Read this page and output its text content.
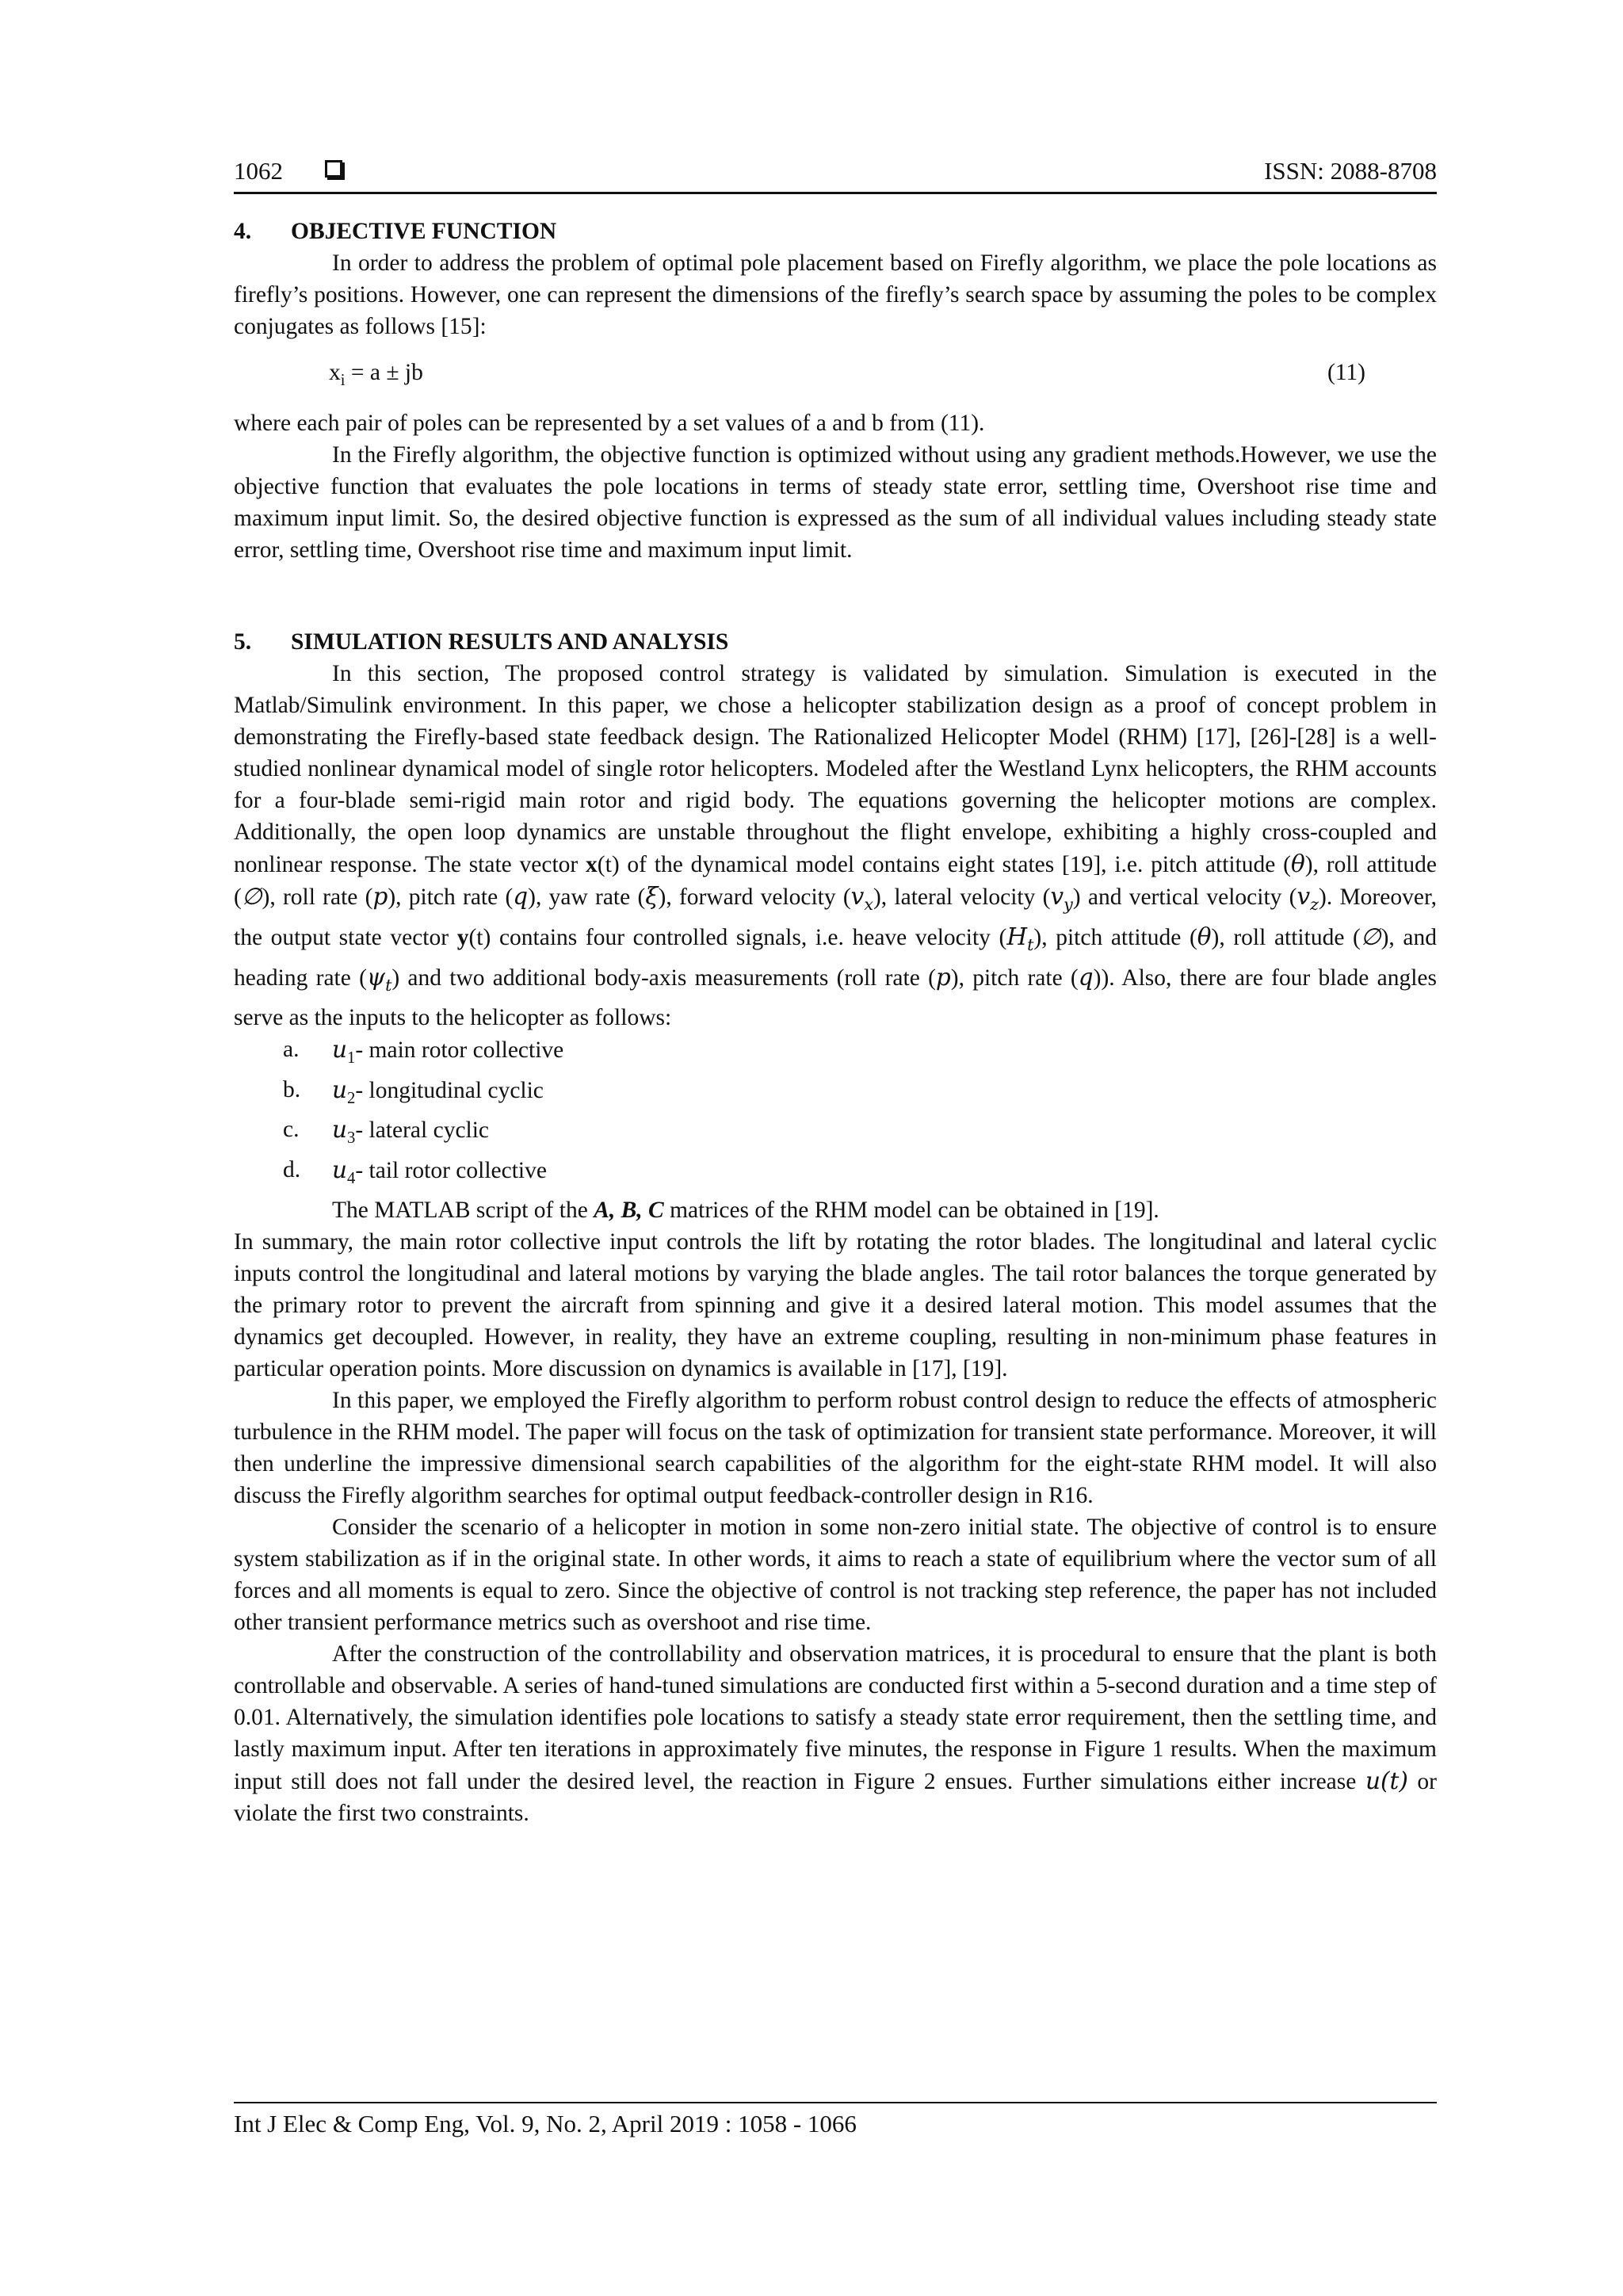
1062	ISSN: 2088-8708
4. OBJECTIVE FUNCTION

In order to address the problem of optimal pole placement based on Firefly algorithm, we place the pole locations as firefly’s positions. However, one can represent the dimensions of the firefly’s search space by assuming the poles to be complex conjugates as follows [15]:

$x_i = a$ ± jb	(11)

where each pair of poles can be represented by a set values of a and b from (11).

In the Firefly algorithm, the objective function is optimized without using any gradient methods.However, we use the objective function that evaluates the pole locations in terms of steady state error, settling time, Overshoot rise time and maximum input limit. So, the desired objective function is expressed as the sum of all individual values including steady state error, settling time, Overshoot rise time and maximum input limit.

5. SIMULATION RESULTS AND ANALYSIS

In this section, The proposed control strategy is validated by simulation. Simulation is executed in the Matlab/Simulink environment. In this paper, we chose a helicopter stabilization design as a proof of concept problem in demonstrating the Firefly-based state feedback design. The Rationalized Helicopter Model (RHM) [17], [26]-[28] is a well-studied nonlinear dynamical model of single rotor helicopters. Modeled after the Westland Lynx helicopters, the RHM accounts for a four-blade semi-rigid main rotor and rigid body. The equations governing the helicopter motions are complex. Additionally, the open loop dynamics are unstable throughout the flight envelope, exhibiting a highly cross-coupled and nonlinear response. The state vector x(t) of the dynamical model contains eight states [19], i.e. pitch attitude (θ), roll attitude (∅), roll rate (p), pitch rate (q), yaw rate (ξ), forward velocity $(v_x)$, lateral velocity $(v_y)$ and vertical velocity $(v_z)$. Moreover, the output state vector y(t) contains four controlled signals, i.e. heave velocity $(H_t)$, pitch attitude (θ), roll attitude (∅), and heading rate $(\psi_t)$ and two additional body-axis measurements (roll rate (p), pitch rate (q)). Also, there are four blade angles serve as the inputs to the helicopter as follows:

a. $u_1-$ main rotor collective
b. $u_2-$ longitudinal cyclic
c. $u_3-$ lateral cyclic
d. $u_4-$ tail rotor collective

The MATLAB script of the A, B, C matrices of the RHM model can be obtained in [19].

In summary, the main rotor collective input controls the lift by rotating the rotor blades. The longitudinal and lateral cyclic inputs control the longitudinal and lateral motions by varying the blade angles. The tail rotor balances the torque generated by the primary rotor to prevent the aircraft from spinning and give it a desired lateral motion. This model assumes that the dynamics get decoupled. However, in reality, they have an extreme coupling, resulting in non-minimum phase features in particular operation points. More discussion on dynamics is available in [17], [19].

In this paper, we employed the Firefly algorithm to perform robust control design to reduce the effects of atmospheric turbulence in the RHM model. The paper will focus on the task of optimization for transient state performance. Moreover, it will then underline the impressive dimensional search capabilities of the algorithm for the eight-state RHM model. It will also discuss the Firefly algorithm searches for optimal output feedback-controller design in R16.

Consider the scenario of a helicopter in motion in some non-zero initial state. The objective of control is to ensure system stabilization as if in the original state. In other words, it aims to reach a state of equilibrium where the vector sum of all forces and all moments is equal to zero. Since the objective of control is not tracking step reference, the paper has not included other transient performance metrics such as overshoot and rise time.

After the construction of the controllability and observation matrices, it is procedural to ensure that the plant is both controllable and observable. A series of hand-tuned simulations are conducted first within a 5-second duration and a time step of 0.01. Alternatively, the simulation identifies pole locations to satisfy a steady state error requirement, then the settling time, and lastly maximum input. After ten iterations in approximately five minutes, the response in Figure 1 results. When the maximum input still does not fall under the desired level, the reaction in Figure 2 ensues. Further simulations either increase u(t) or violate the first two constraints.

Int J Elec & Comp Eng, Vol. 9, No. 2, April 2019 : 1058 - 1066
